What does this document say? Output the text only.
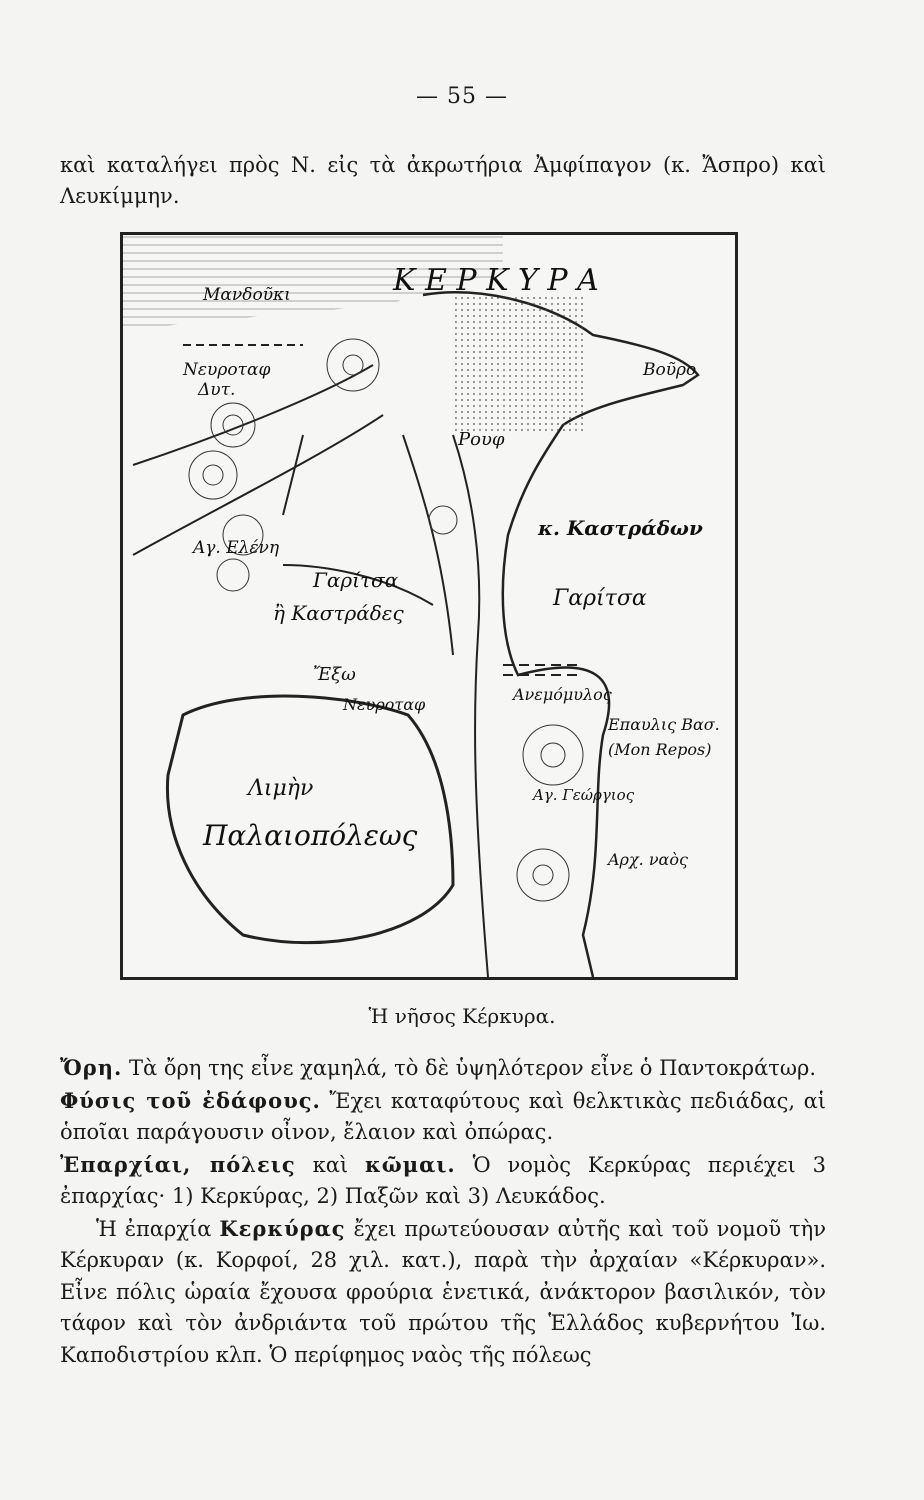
— 55 —
καὶ καταλήγει πρὸς Ν. εἰς τὰ ἀκρωτήρια Ἀμφίπαγον (κ. Ἄσπρο) καὶ Λευκίμμην.
Κ Ε Ρ Κ Υ Ρ Α
Μανδοῦκι
Νευροταφ
Δυτ.
Ρουφ
Βοῦρο
Αγ. Ελένη
Γαρίτσα
ἢ Καστράδες
κ. Καστράδων
Γαρίτσα
Ἔξω
Νευροταφ
Ανεμόμυλος
Επαυλις Βασ.
(Mon Repos)
Αγ. Γεώργιος
Λιμὴν
Παλαιοπόλεως
Αρχ. ναὸς
Ἡ νῆσος Κέρκυρα.

Ὄρη. Τὰ ὄρη της εἶνε χαμηλά, τὸ δὲ ὑψηλότερον εἶνε ὁ Παντοκράτωρ.

Φύσις τοῦ ἐδάφους. Ἔχει καταφύτους καὶ θελκτικὰς πεδιάδας, αἱ ὁποῖαι παράγουσιν οἶνον, ἔλαιον καὶ ὀπώρας.

Ἐπαρχίαι, πόλεις καὶ κῶμαι. Ὁ νομὸς Κερκύρας περιέχει 3 ἐπαρχίας· 1) Κερκύρας, 2) Παξῶν καὶ 3) Λευκάδος.

Ἡ ἐπαρχία Κερκύρας ἔχει πρωτεύουσαν αὐτῆς καὶ τοῦ νομοῦ τὴν Κέρκυραν (κ. Κορφοί, 28 χιλ. κατ.), παρὰ τὴν ἀρχαίαν «Κέρκυραν». Εἶνε πόλις ὡραία ἔχουσα φρούρια ἑνετικά, ἀνάκτορον βασιλικόν, τὸν τάφον καὶ τὸν ἀνδριάντα τοῦ πρώτου τῆς Ἑλλάδος κυβερνήτου Ἰω. Καποδιστρίου κλπ. Ὁ περίφημος ναὸς τῆς πόλεως
